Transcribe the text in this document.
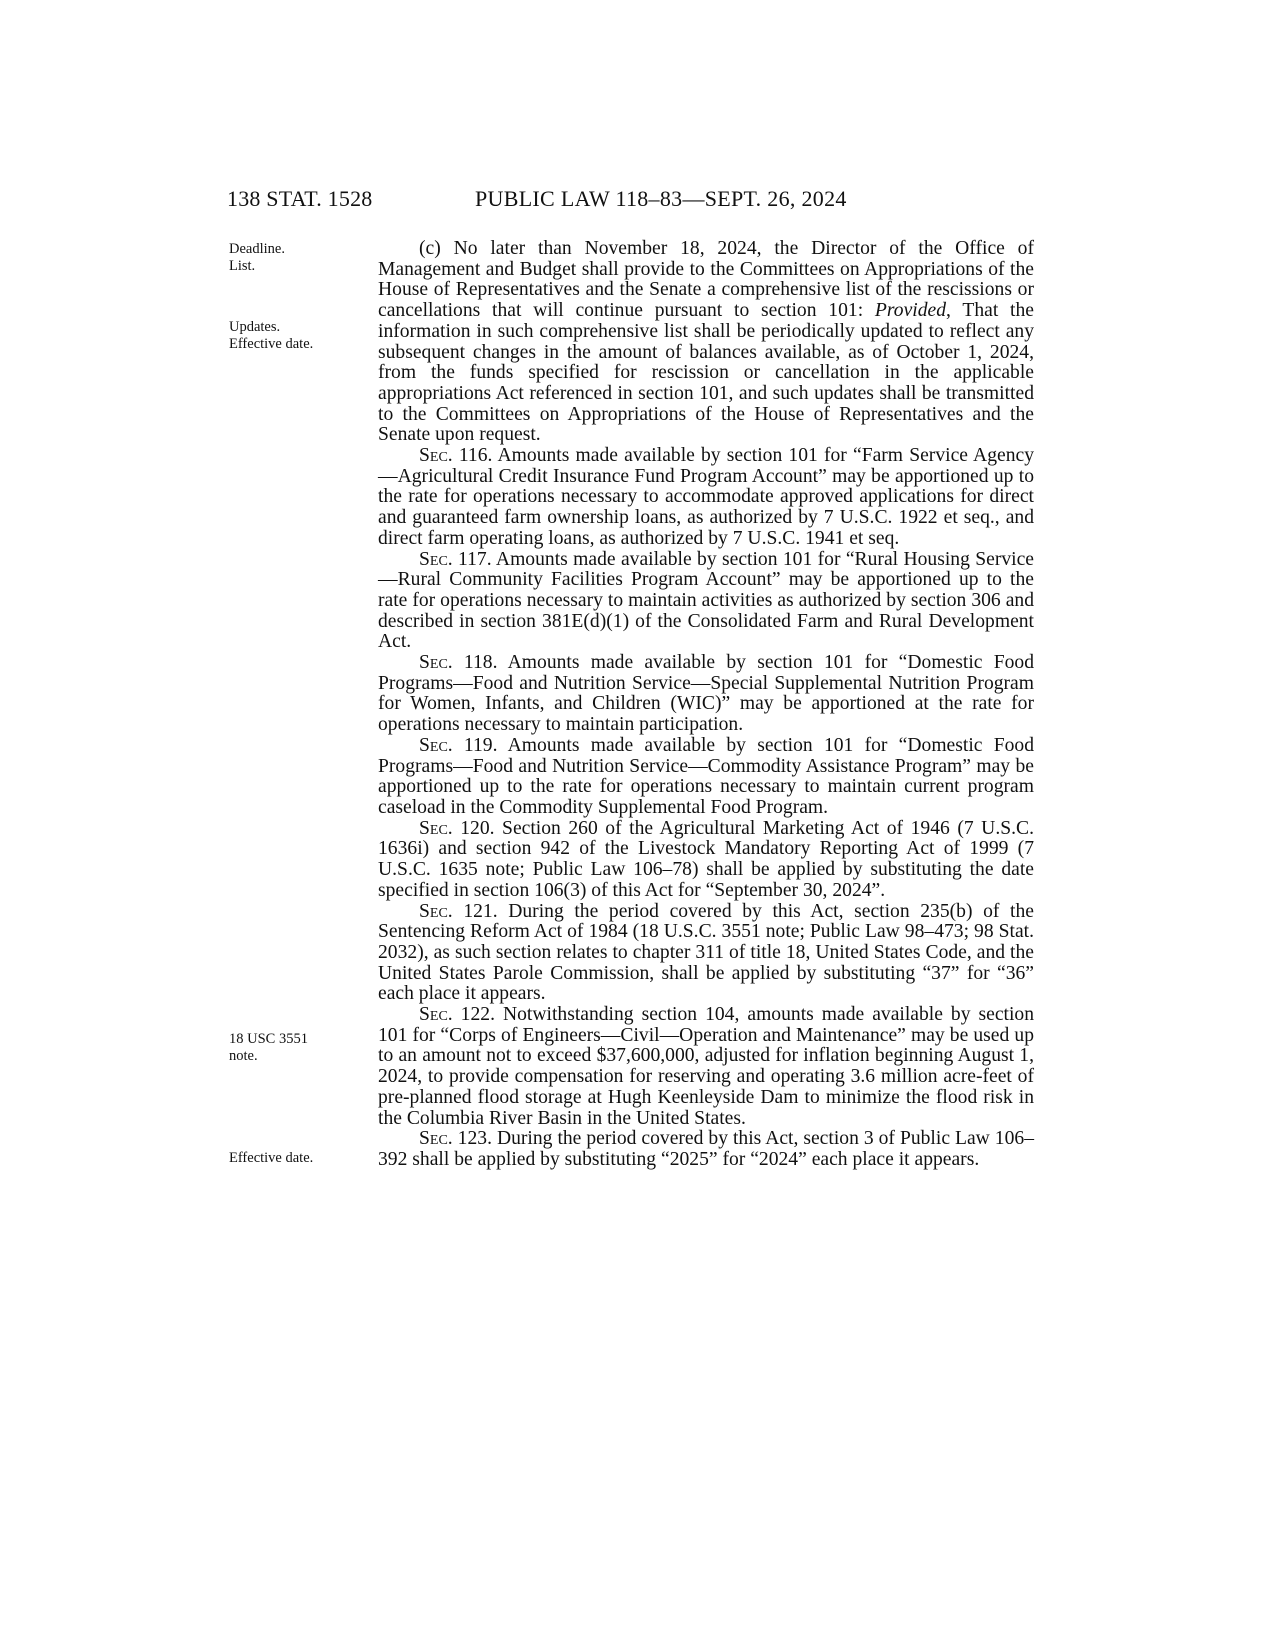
138 STAT. 1528	PUBLIC LAW 118–83—SEPT. 26, 2024
Deadline.
List.
Updates.
Effective date.
18 USC 3551
note.
Effective date.

(c) No later than November 18, 2024, the Director of the Office of Management and Budget shall provide to the Committees on Appropriations of the House of Representatives and the Senate a comprehensive list of the rescissions or cancellations that will continue pursuant to section 101: Provided, That the information in such comprehensive list shall be periodically updated to reflect any subsequent changes in the amount of balances available, as of October 1, 2024, from the funds specified for rescission or cancellation in the applicable appropriations Act referenced in section 101, and such updates shall be transmitted to the Committees on Appropriations of the House of Representatives and the Senate upon request.

Sec. 116. Amounts made available by section 101 for “Farm Service Agency—Agricultural Credit Insurance Fund Program Account” may be apportioned up to the rate for operations necessary to accommodate approved applications for direct and guaranteed farm ownership loans, as authorized by 7 U.S.C. 1922 et seq., and direct farm operating loans, as authorized by 7 U.S.C. 1941 et seq.

Sec. 117. Amounts made available by section 101 for “Rural Housing Service—Rural Community Facilities Program Account” may be apportioned up to the rate for operations necessary to maintain activities as authorized by section 306 and described in section 381E(d)(1) of the Consolidated Farm and Rural Development Act.

Sec. 118. Amounts made available by section 101 for “Domestic Food Programs—Food and Nutrition Service—Special Supplemental Nutrition Program for Women, Infants, and Children (WIC)” may be apportioned at the rate for operations necessary to maintain participation.

Sec. 119. Amounts made available by section 101 for “Domestic Food Programs—Food and Nutrition Service—Commodity Assistance Program” may be apportioned up to the rate for operations necessary to maintain current program caseload in the Commodity Supplemental Food Program.

Sec. 120. Section 260 of the Agricultural Marketing Act of 1946 (7 U.S.C. 1636i) and section 942 of the Livestock Mandatory Reporting Act of 1999 (7 U.S.C. 1635 note; Public Law 106–78) shall be applied by substituting the date specified in section 106(3) of this Act for “September 30, 2024”.

Sec. 121. During the period covered by this Act, section 235(b) of the Sentencing Reform Act of 1984 (18 U.S.C. 3551 note; Public Law 98–473; 98 Stat. 2032), as such section relates to chapter 311 of title 18, United States Code, and the United States Parole Commission, shall be applied by substituting “37” for “36” each place it appears.

Sec. 122. Notwithstanding section 104, amounts made available by section 101 for “Corps of Engineers—Civil—Operation and Maintenance” may be used up to an amount not to exceed $37,600,000, adjusted for inflation beginning August 1, 2024, to provide compensation for reserving and operating 3.6 million acre-feet of pre-planned flood storage at Hugh Keenleyside Dam to minimize the flood risk in the Columbia River Basin in the United States.

Sec. 123. During the period covered by this Act, section 3 of Public Law 106–392 shall be applied by substituting “2025” for “2024” each place it appears.
